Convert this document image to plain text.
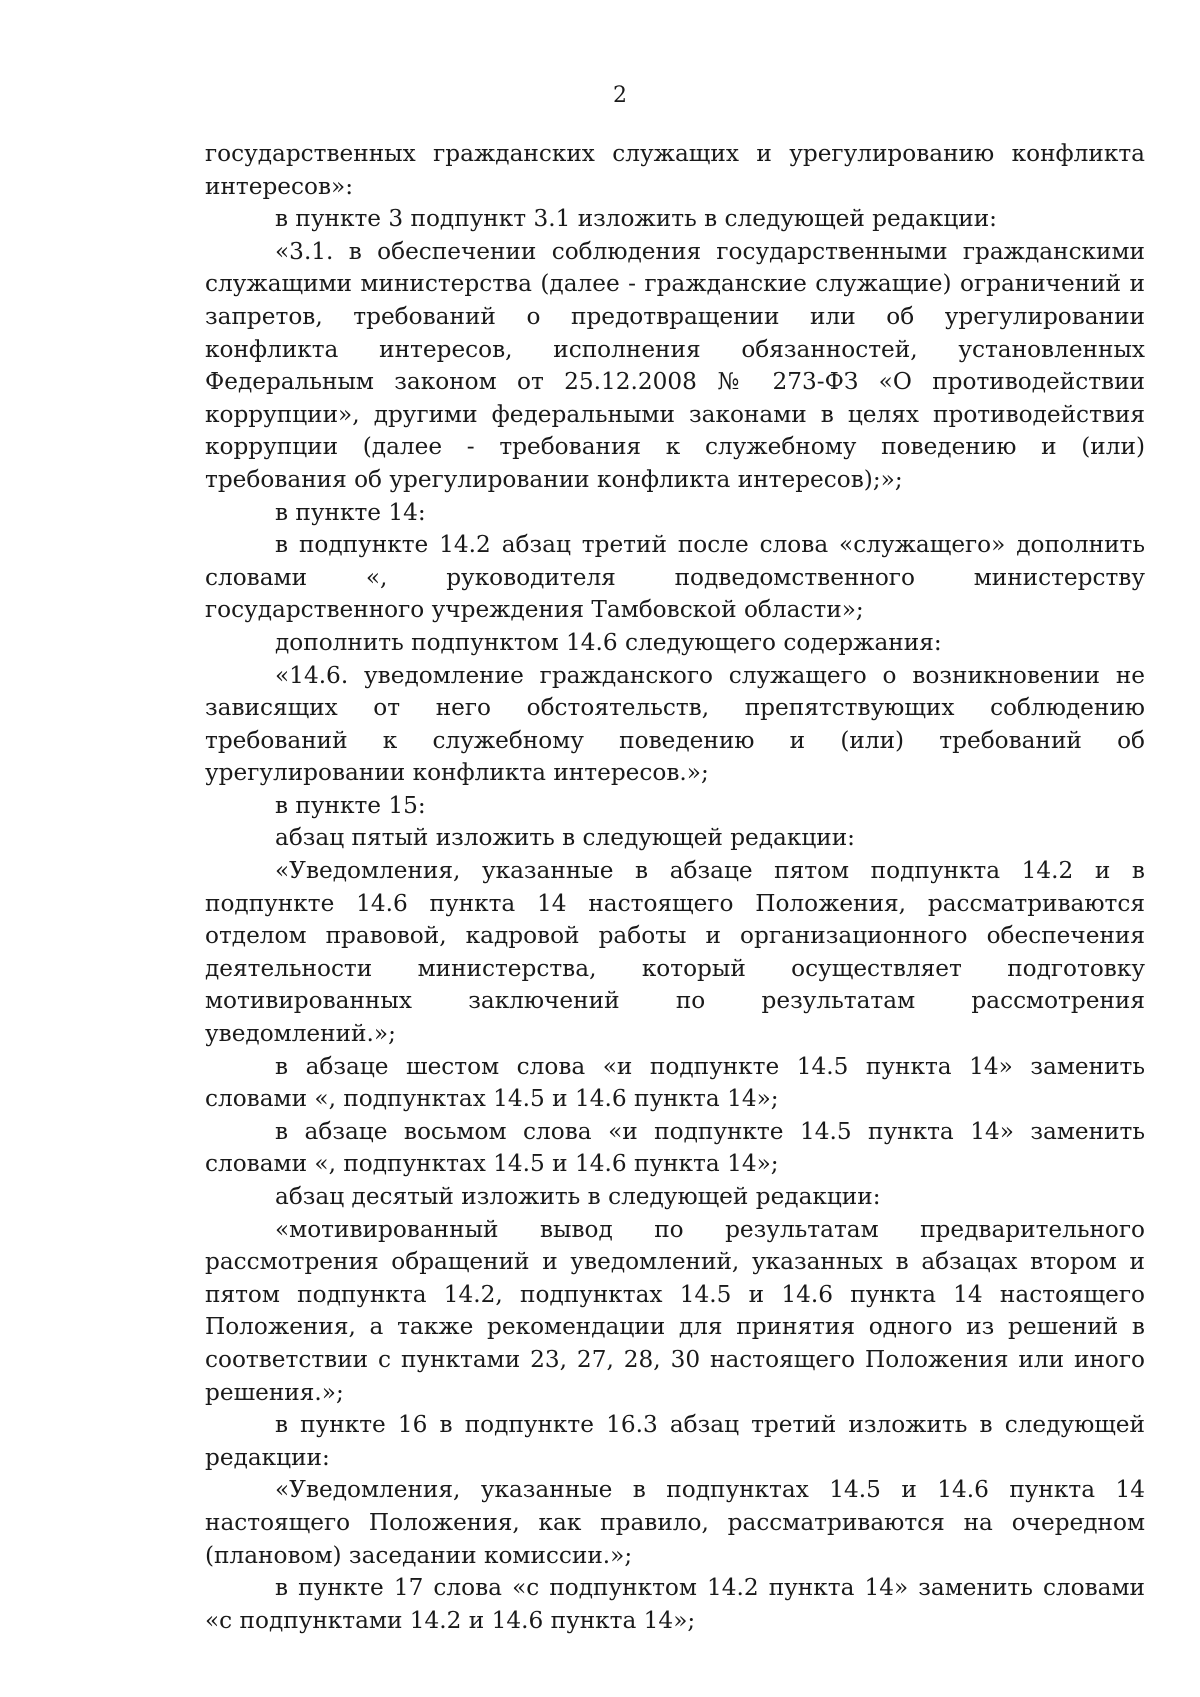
2

государственных гражданских служащих и урегулированию конфликта интересов»:

в пункте 3 подпункт 3.1 изложить в следующей редакции:

«3.1. в обеспечении соблюдения государственными гражданскими служащими министерства (далее - гражданские служащие) ограничений и запретов, требований о предотвращении или об урегулировании конфликта интересов, исполнения обязанностей, установленных Федеральным законом от 25.12.2008 № 273-ФЗ «О противодействии коррупции», другими федеральными законами в целях противодействия коррупции (далее - требования к служебному поведению и (или) требования об урегулировании конфликта интересов);»;

в пункте 14:

в подпункте 14.2 абзац третий после слова «служащего» дополнить словами «, руководителя подведомственного министерству государственного учреждения Тамбовской области»;

дополнить подпунктом 14.6 следующего содержания:

«14.6. уведомление гражданского служащего о возникновении не зависящих от него обстоятельств, препятствующих соблюдению требований к служебному поведению и (или) требований об урегулировании конфликта интересов.»;

в пункте 15:

абзац пятый изложить в следующей редакции:

«Уведомления, указанные в абзаце пятом подпункта 14.2 и в подпункте 14.6 пункта 14 настоящего Положения, рассматриваются отделом правовой, кадровой работы и организационного обеспечения деятельности министерства, который осуществляет подготовку мотивированных заключений по результатам рассмотрения уведомлений.»;

в абзаце шестом слова «и подпункте 14.5 пункта 14» заменить словами «, подпунктах 14.5 и 14.6 пункта 14»;

в абзаце восьмом слова «и подпункте 14.5 пункта 14» заменить словами «, подпунктах 14.5 и 14.6 пункта 14»;

абзац десятый изложить в следующей редакции:

«мотивированный вывод по результатам предварительного рассмотрения обращений и уведомлений, указанных в абзацах втором и пятом подпункта 14.2, подпунктах 14.5 и 14.6 пункта 14 настоящего Положения, а также рекомендации для принятия одного из решений в соответствии с пунктами 23, 27, 28, 30 настоящего Положения или иного решения.»;

в пункте 16 в подпункте 16.3 абзац третий изложить в следующей редакции:

«Уведомления, указанные в подпунктах 14.5 и 14.6 пункта 14 настоящего Положения, как правило, рассматриваются на очередном (плановом) заседании комиссии.»;

в пункте 17 слова «с подпунктом 14.2 пункта 14» заменить словами «с подпунктами 14.2 и 14.6 пункта 14»;
